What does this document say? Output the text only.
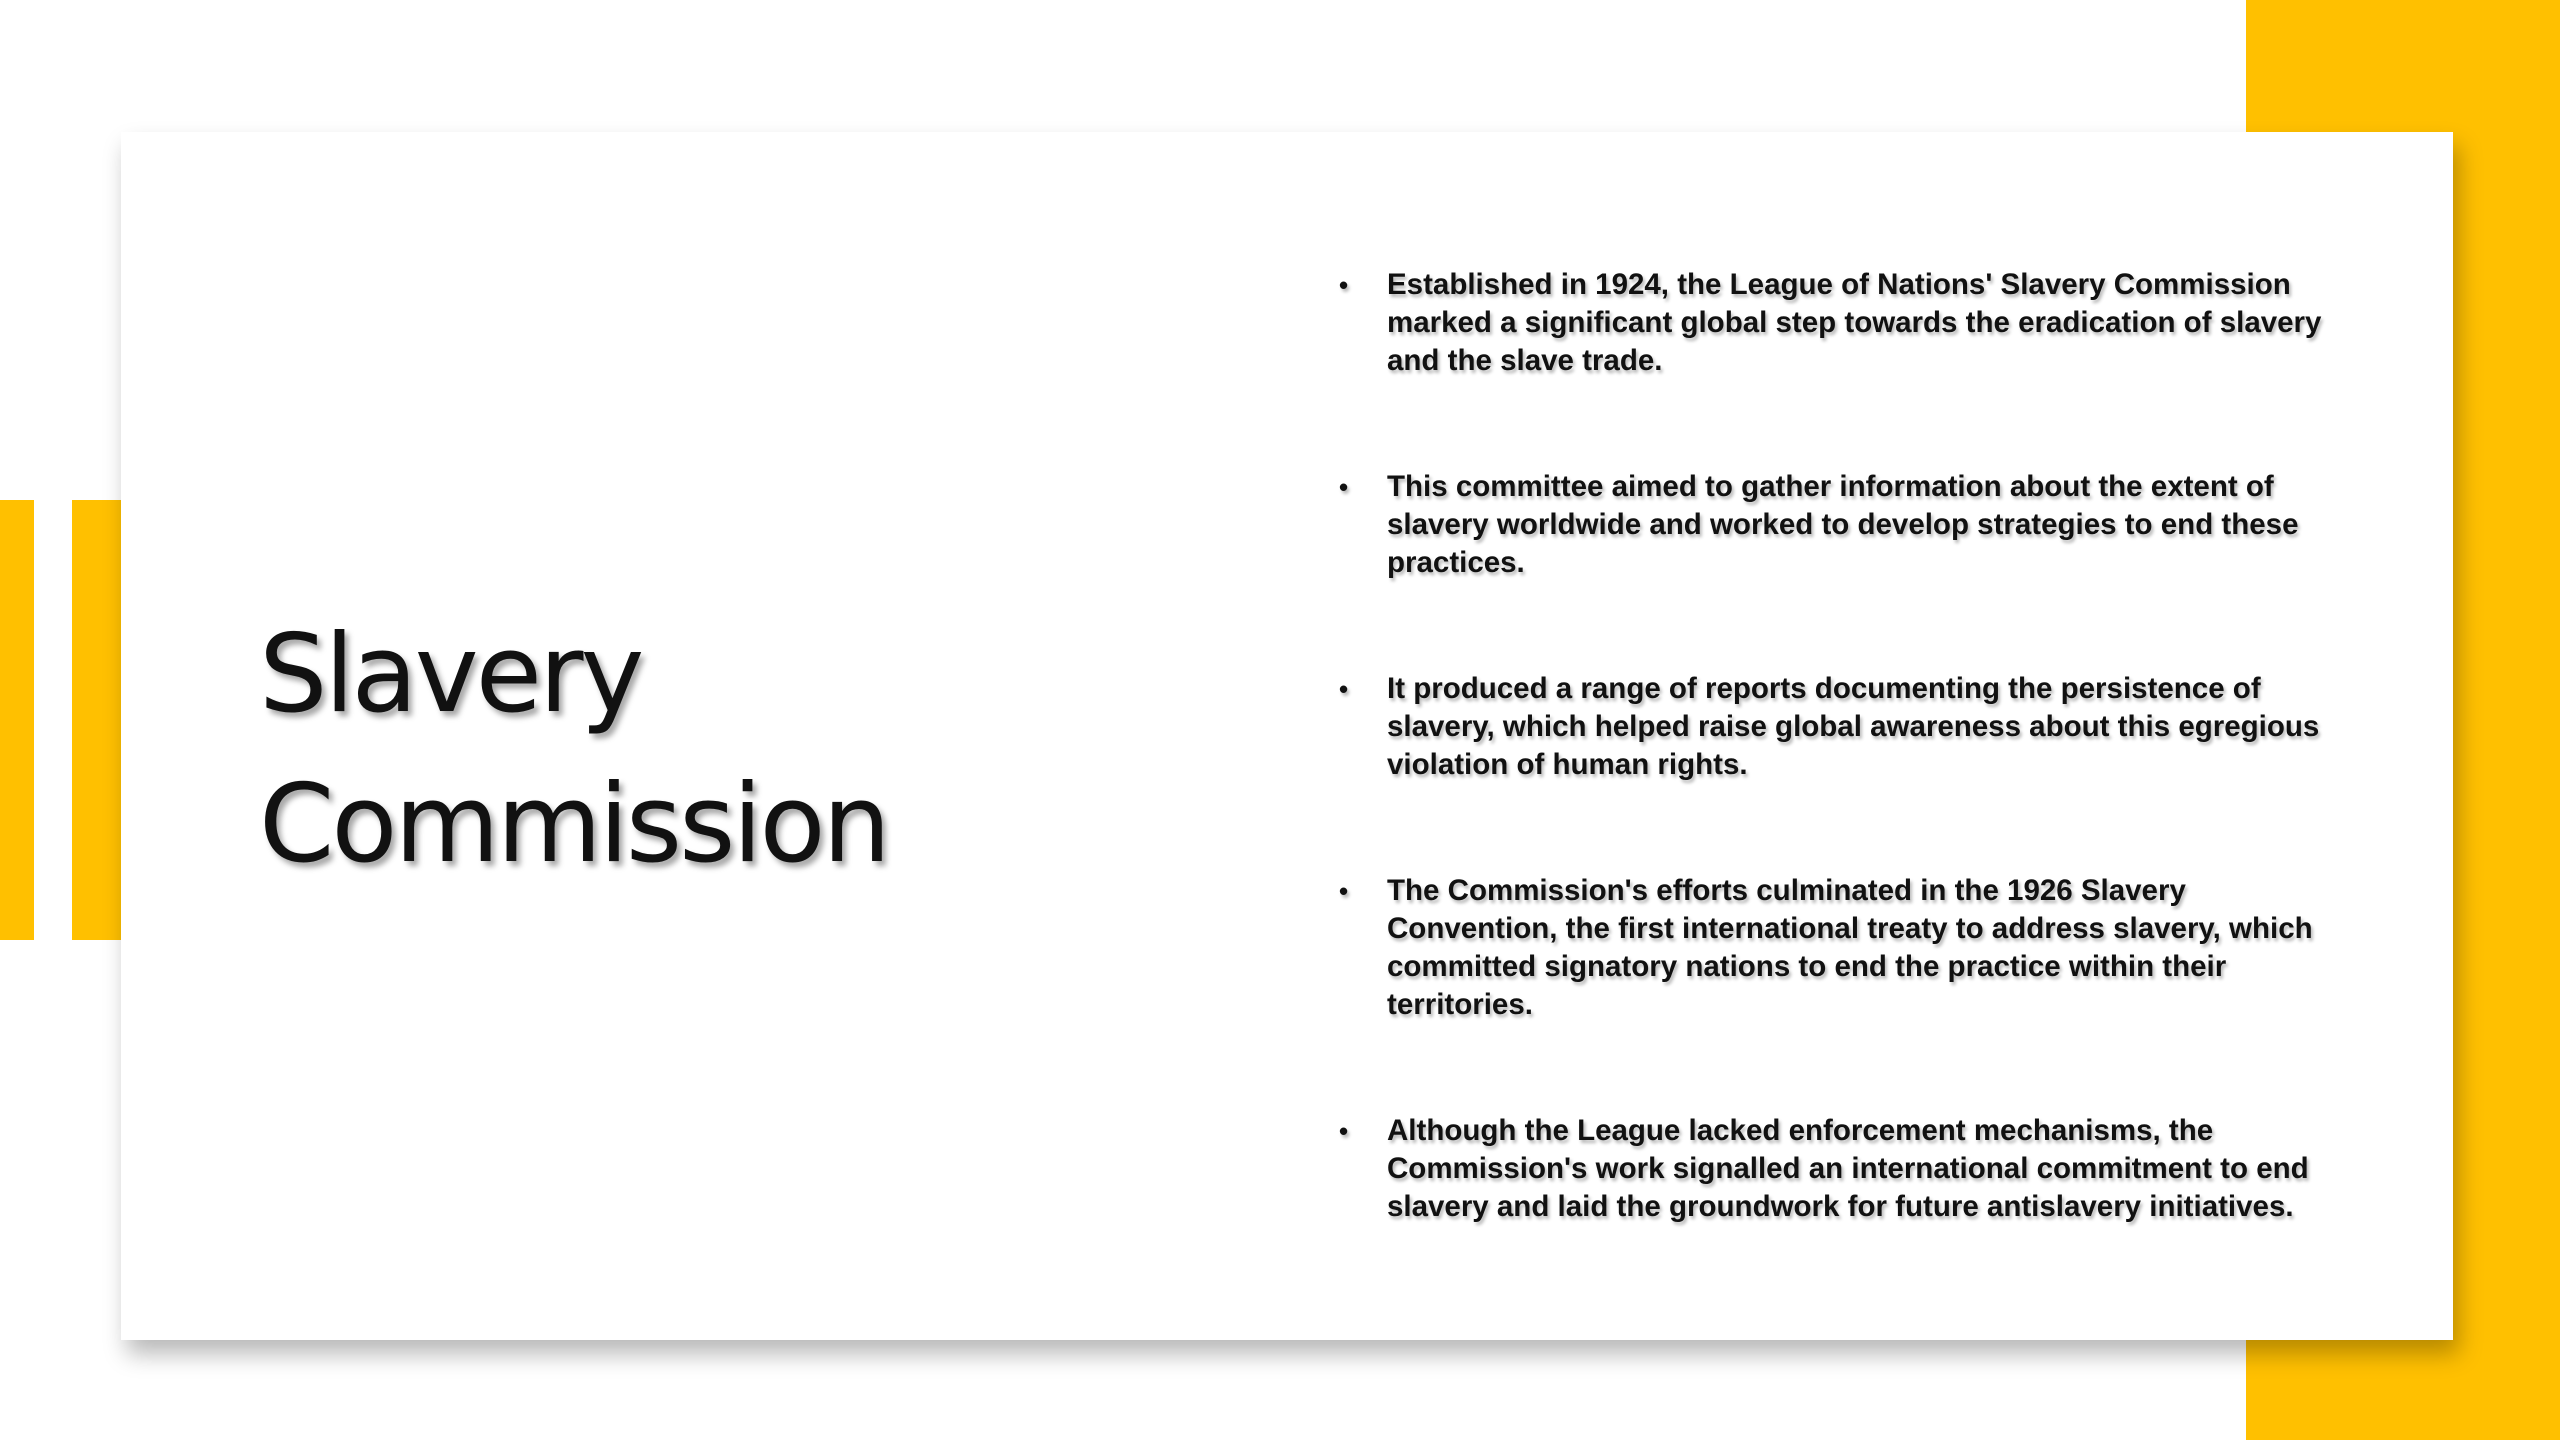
Slavery
Commission
•	Established in 1924, the League of Nations' Slavery Commission marked a significant global step towards the eradication of slavery and the slave trade.
•	This committee aimed to gather information about the extent of slavery worldwide and worked to develop strategies to end these practices.
•	It produced a range of reports documenting the persistence of slavery, which helped raise global awareness about this egregious violation of human rights.
•	The Commission's efforts culminated in the 1926 Slavery Convention, the first international treaty to address slavery, which committed signatory nations to end the practice within their territories.
•	Although the League lacked enforcement mechanisms, the Commission's work signalled an international commitment to end slavery and laid the groundwork for future antislavery initiatives.
